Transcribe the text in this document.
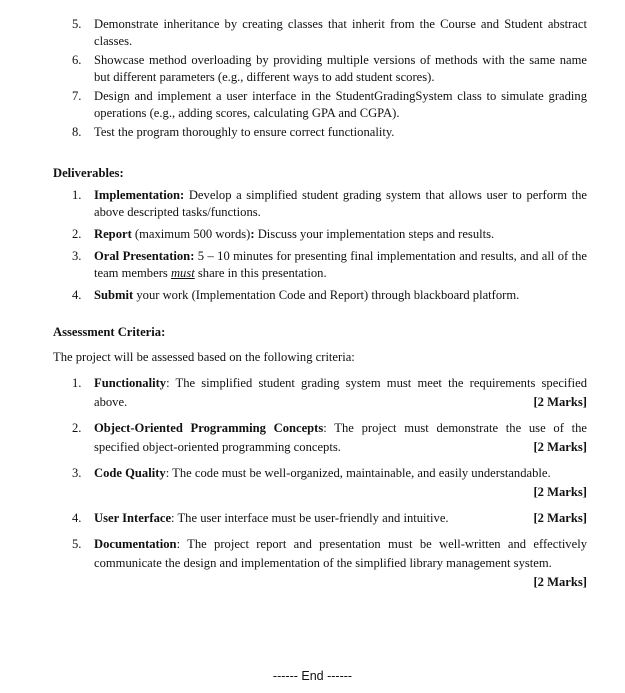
5. Demonstrate inheritance by creating classes that inherit from the Course and Student abstract classes.
6. Showcase method overloading by providing multiple versions of methods with the same name but different parameters (e.g., different ways to add student scores).
7. Design and implement a user interface in the StudentGradingSystem class to simulate grading operations (e.g., adding scores, calculating GPA and CGPA).
8. Test the program thoroughly to ensure correct functionality.
Deliverables:
1. Implementation: Develop a simplified student grading system that allows user to perform the above descripted tasks/functions.
2. Report (maximum 500 words): Discuss your implementation steps and results.
3. Oral Presentation: 5 – 10 minutes for presenting final implementation and results, and all of the team members must share in this presentation.
4. Submit your work (Implementation Code and Report) through blackboard platform.
Assessment Criteria:
The project will be assessed based on the following criteria:
1. Functionality: The simplified student grading system must meet the requirements specified above.	[2 Marks]
2. Object-Oriented Programming Concepts: The project must demonstrate the use of the specified object-oriented programming concepts.	[2 Marks]
3. Code Quality: The code must be well-organized, maintainable, and easily understandable.
[2 Marks]
4. User Interface: The user interface must be user-friendly and intuitive.	[2 Marks]
5. Documentation: The project report and presentation must be well-written and effectively communicate the design and implementation of the simplified library management system.
[2 Marks]
------ End ------
